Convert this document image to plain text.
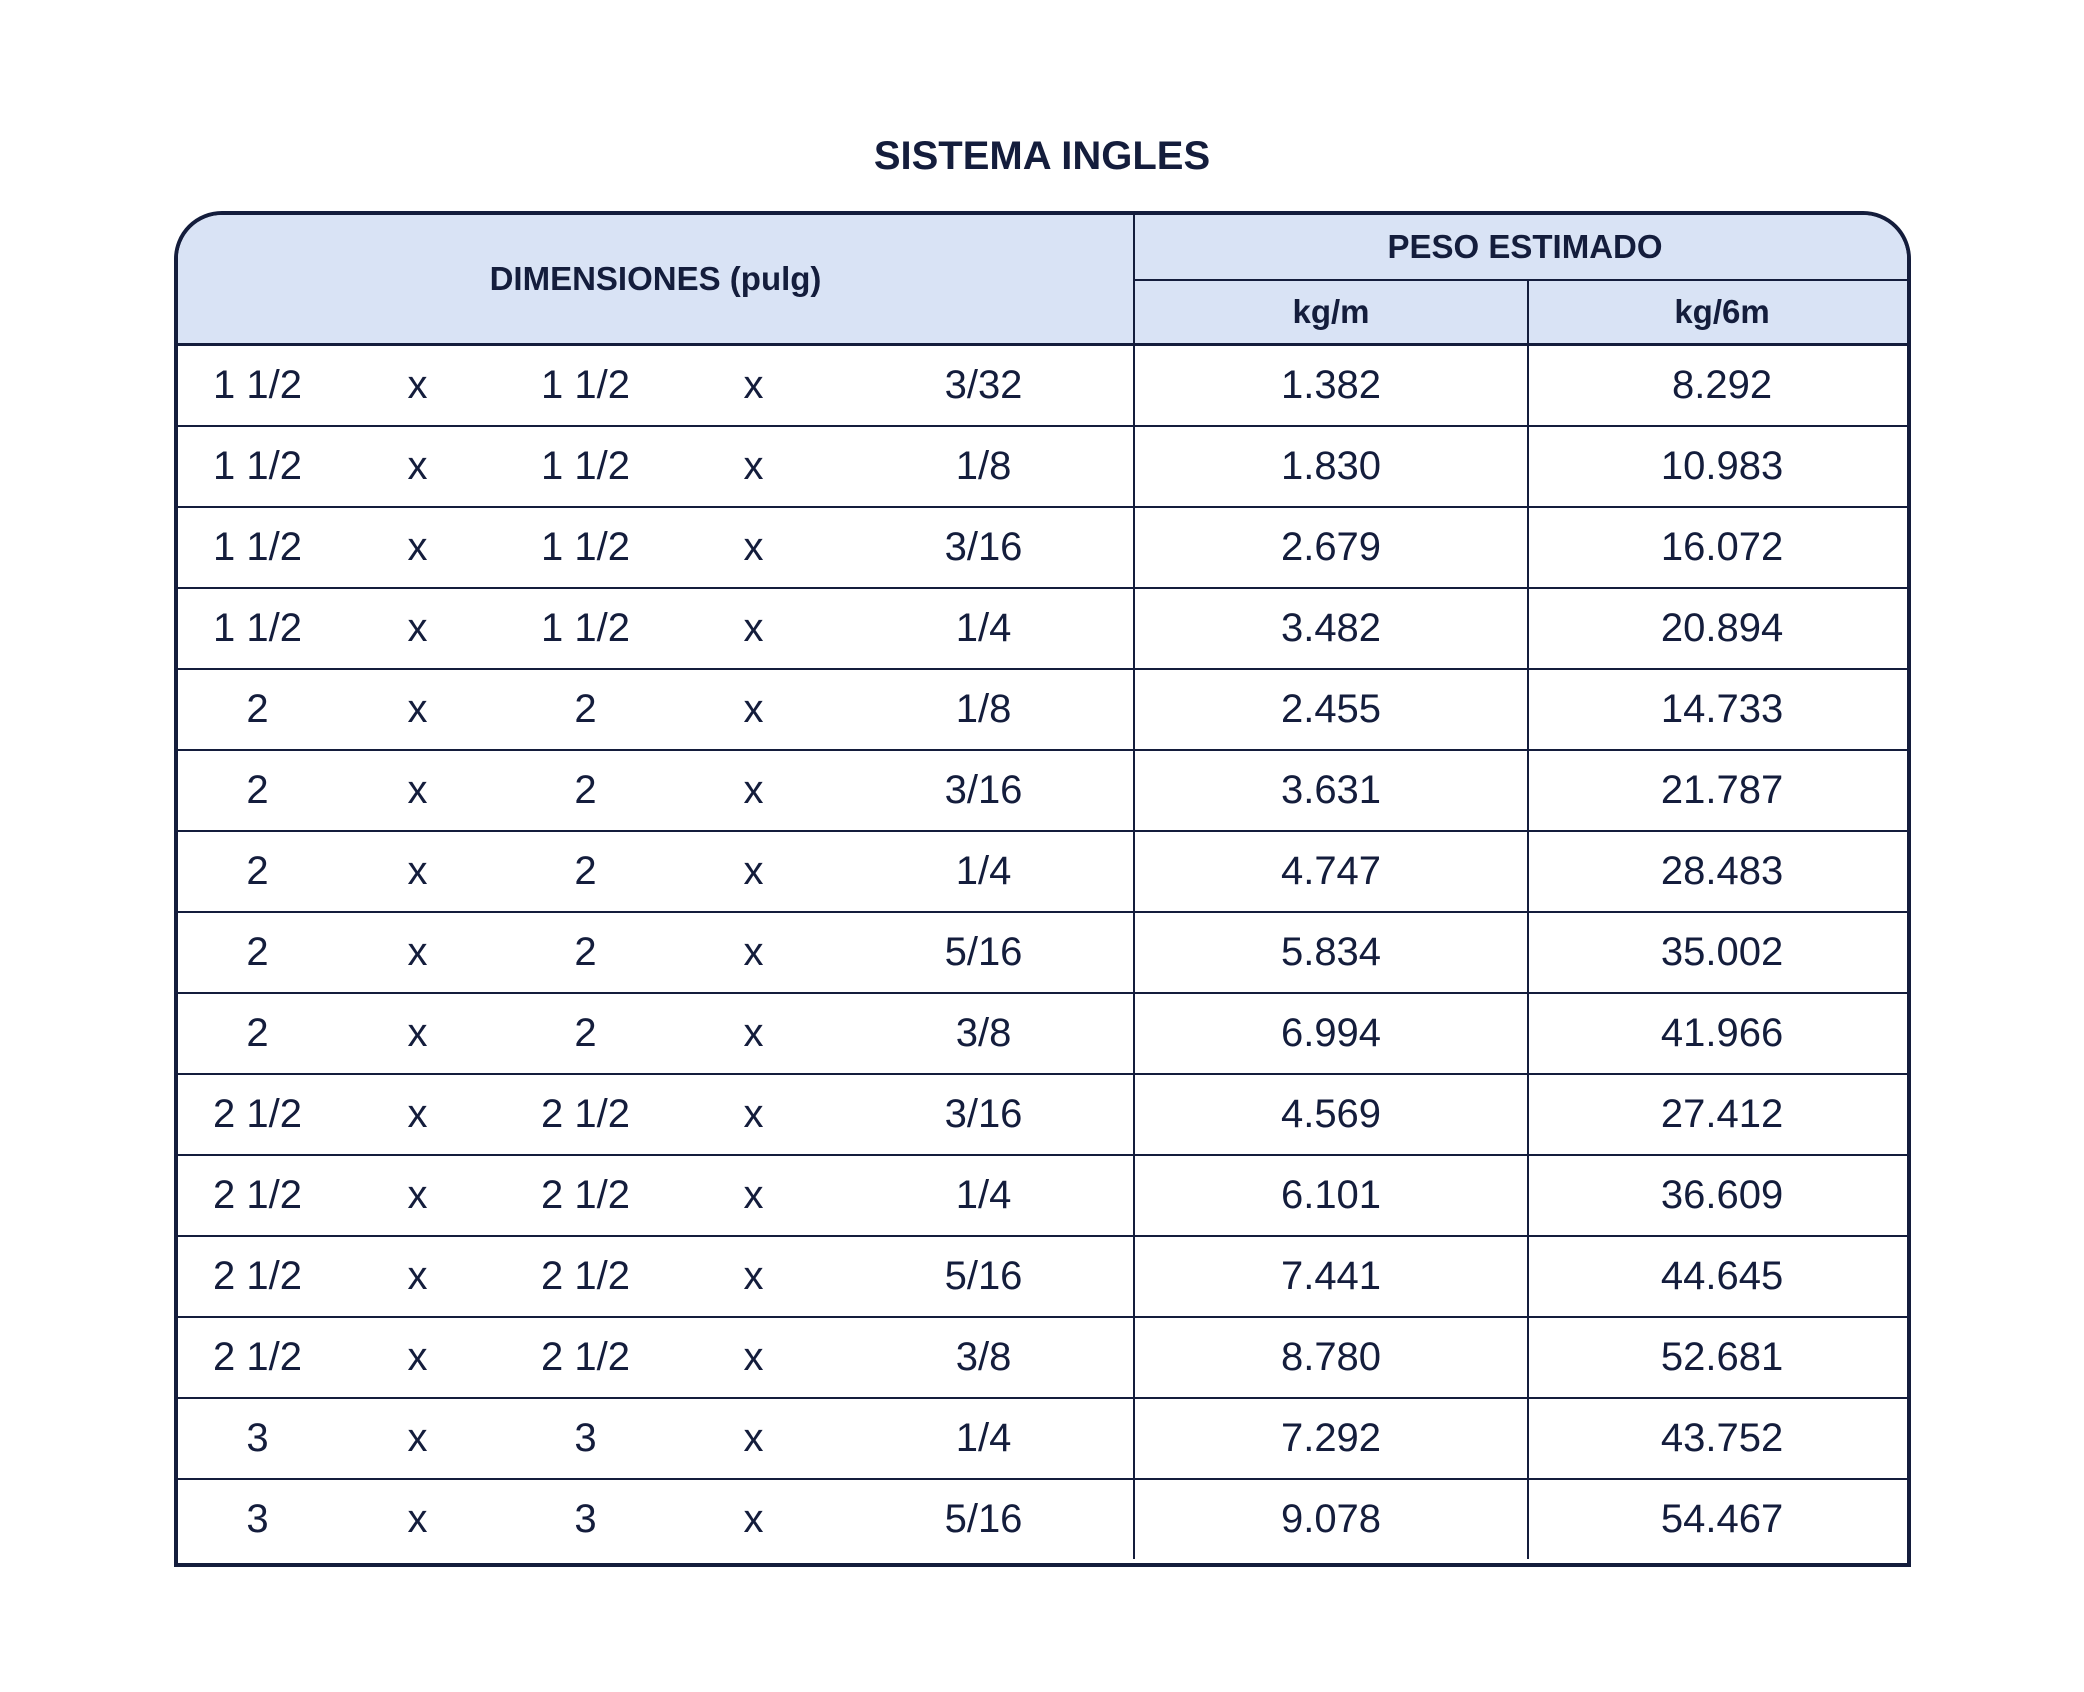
SISTEMA INGLES
DIMENSIONES (pulg)					PESO ESTIMADO	
					kg/m	kg/6m
1 1/2	x	1 1/2	x	3/32	1.382	8.292
1 1/2	x	1 1/2	x	1/8	1.830	10.983
1 1/2	x	1 1/2	x	3/16	2.679	16.072
1 1/2	x	1 1/2	x	1/4	3.482	20.894
2	x	2	x	1/8	2.455	14.733
2	x	2	x	3/16	3.631	21.787
2	x	2	x	1/4	4.747	28.483
2	x	2	x	5/16	5.834	35.002
2	x	2	x	3/8	6.994	41.966
2 1/2	x	2 1/2	x	3/16	4.569	27.412
2 1/2	x	2 1/2	x	1/4	6.101	36.609
2 1/2	x	2 1/2	x	5/16	7.441	44.645
2 1/2	x	2 1/2	x	3/8	8.780	52.681
3	x	3	x	1/4	7.292	43.752
3	x	3	x	5/16	9.078	54.467
